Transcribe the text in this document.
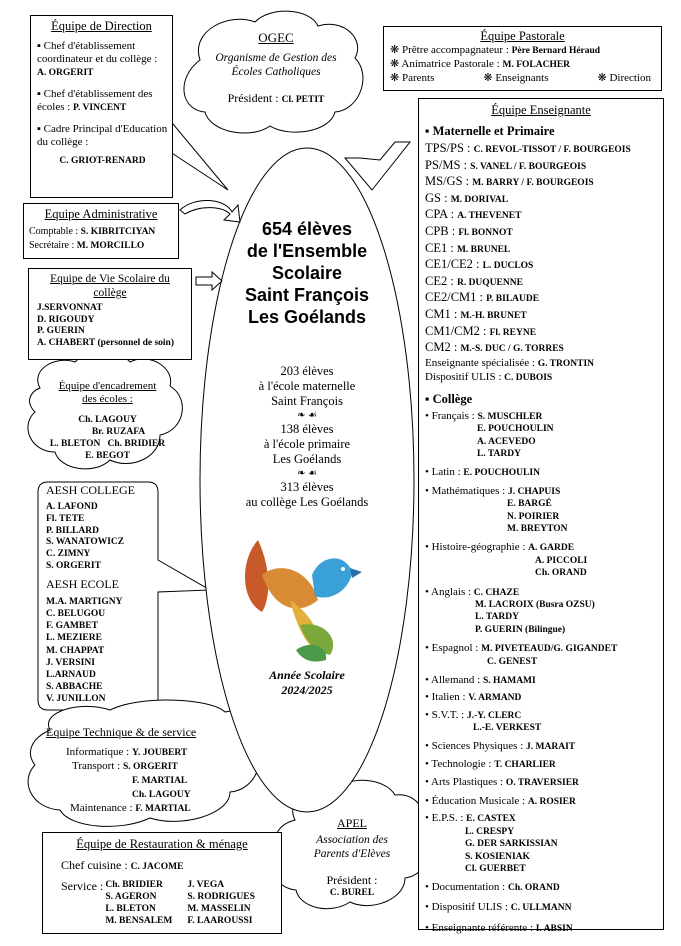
Équipe de Direction
▪ Chef d'établissement coordinateur et du collège : A. ORGERIT
▪ Chef d'établissement des écoles : P. VINCENT
▪ Cadre Principal d'Education du collège :
C. GRIOT-RENARD
OGEC
Organisme de Gestion des Écoles Catholiques
Président : Cl. PETIT
Équipe Pastorale
❋ Prêtre accompagnateur : Père Bernard Héraud
❋ Animatrice Pastorale : M. FOLACHER
❋ Parents	❋ Enseignants	❋ Direction
Equipe Administrative
Comptable : S. KIBRITCIYAN
Secrétaire : M. MORCILLO
Equipe de Vie Scolaire du collège
J.SERVONNAT
D. RIGOUDY
P. GUERIN
A. CHABERT (personnel de soin)
Équipe d'encadrement des écoles :
Ch. LAGOUY
Br. RUZAFA
L. BLETON   Ch. BRIDIER
E. BEGOT
AESH COLLEGE
A. LAFOND
Fl. TETE
P. BILLARD
S. WANATOWICZ
C. ZIMNY
S. ORGERIT
AESH ECOLE
M.A. MARTIGNY
C. BELUGOU
F. GAMBET
L. MEZIERE
M. CHAPPAT
J. VERSINI
L.ARNAUD
S. ABBACHE
V. JUNILLON
Equipe Technique & de service
Informatique : Y. JOUBERT
Transport : S. ORGERIT
F. MARTIAL
Ch. LAGOUY
Maintenance : F. MARTIAL
Équipe de Restauration & ménage
Chef cuisine : C. JACOME
Service : Ch. BRIDIER
S. AGERON
L. BLETON
M. BENSALEM
J. VEGA
S. RODRIGUES
M. MASSELIN
F. LAAROUSSI
APEL
Association des Parents d'Elèves
Président :
C. BUREL
654 élèves
de l'Ensemble
Scolaire
Saint François
Les Goélands
203 élèves
à l'école maternelle
Saint François
❧ ☙
138 élèves
à l'école primaire
Les Goélands
❧ ☙
313 élèves
au collège Les Goélands
Année Scolaire
2024/2025
Équipe Enseignante
▪ Maternelle et Primaire
TPS/PS : C. REVOL-TISSOT / F. BOURGEOIS
PS/MS : S. VANEL / F. BOURGEOIS
MS/GS : M. BARRY / F. BOURGEOIS
GS : M. DORIVAL
CPA : A. THEVENET
CPB : Fl. BONNOT
CE1 : M. BRUNEL
CE1/CE2 : L. DUCLOS
CE2 : R. DUQUENNE
CE2/CM1 : P. BILAUDE
CM1 : M.-H. BRUNET
CM1/CM2 : Fl. REYNE
CM2 : M.-S. DUC / G. TORRES
Enseignante spécialisée : G. TRONTIN
Dispositif ULIS : C. DUBOIS
▪ Collège
• Français : S. MUSCHLER
E. POUCHOULIN
A. ACEVEDO
L. TARDY
• Latin : E. POUCHOULIN
• Mathématiques : J. CHAPUIS
E. BARGÉ
N. POIRIER
M. BREYTON
• Histoire-géographie : A. GARDE
A. PICCOLI
Ch. ORAND
• Anglais : C. CHAZE
M. LACROIX (Busra OZSU)
L. TARDY
P. GUERIN (Bilingue)
• Espagnol : M. PIVETEAUD/G. GIGANDET
C. GENEST
• Allemand : S. HAMAMI
• Italien : V. ARMAND
• S.V.T. : J.-Y. CLERC
L.-E. VERKEST
• Sciences Physiques : J. MARAIT
• Technologie : T. CHARLIER
• Arts Plastiques : O. TRAVERSIER
• Éducation Musicale : A. ROSIER
• E.P.S. : E. CASTEX
L. CRESPY
G. DER SARKISSIAN
S. KOSIENIAK
Cl. GUERBET
• Documentation : Ch. ORAND
• Dispositif ULIS : C. ULLMANN
• Enseignante référente : I. ABSIN
